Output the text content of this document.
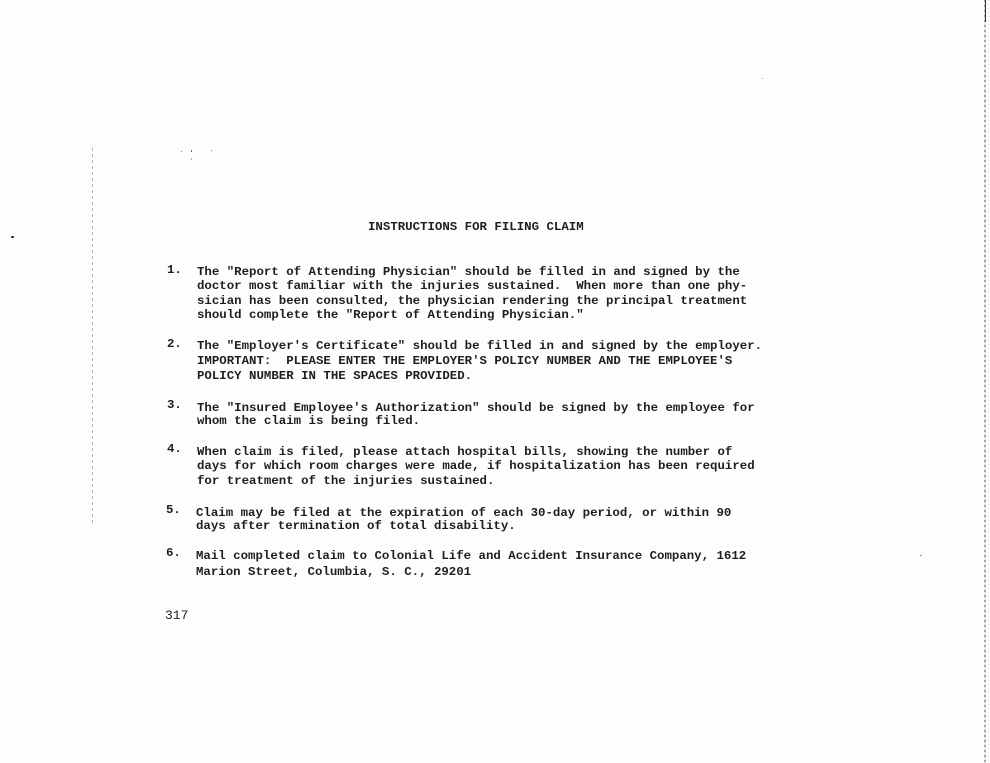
INSTRUCTIONS FOR FILING CLAIM
1. The "Report of Attending Physician" should be filled in and signed by the
doctor most familiar with the injuries sustained.  When more than one phy-
sician has been consulted, the physician rendering the principal treatment
should complete the "Report of Attending Physician."
2. The "Employer's Certificate" should be filled in and signed by the employer.
IMPORTANT:  PLEASE ENTER THE EMPLOYER'S POLICY NUMBER AND THE EMPLOYEE'S
POLICY NUMBER IN THE SPACES PROVIDED.
3. The "Insured Employee's Authorization" should be signed by the employee for
whom the claim is being filed.
4. When claim is filed, please attach hospital bills, showing the number of
days for which room charges were made, if hospitalization has been required
for treatment of the injuries sustained.
5. Claim may be filed at the expiration of each 30-day period, or within 90
days after termination of total disability.
6. Mail completed claim to Colonial Life and Accident Insurance Company, 1612
Marion Street, Columbia, S. C., 29201
317
